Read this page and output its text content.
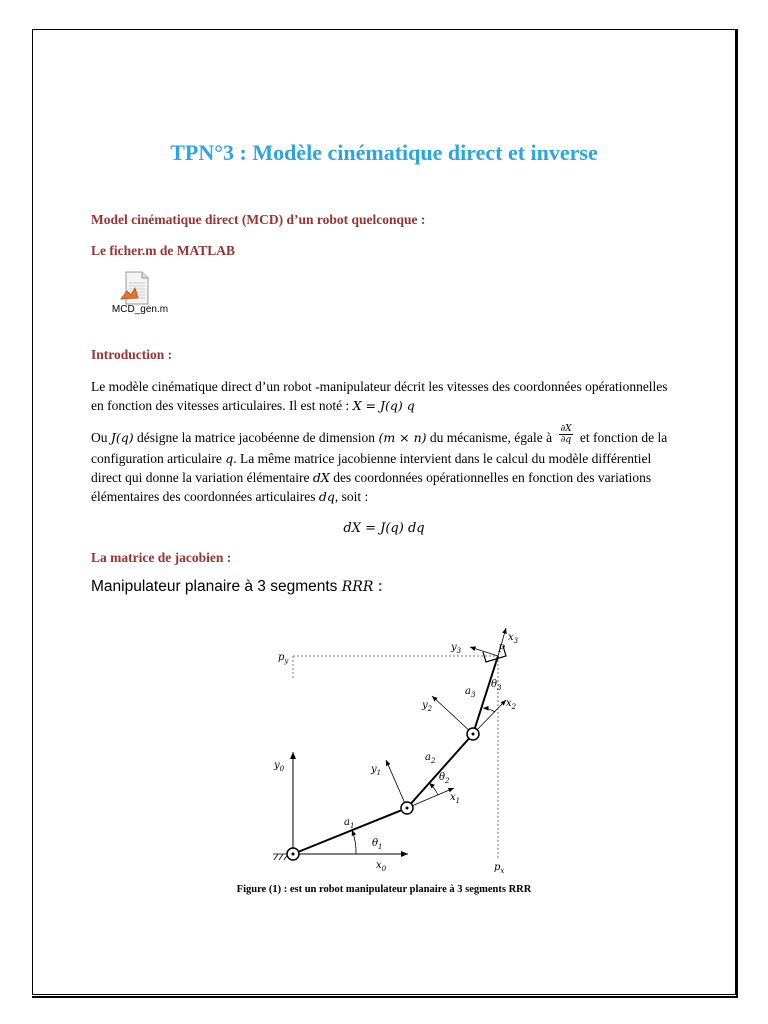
TPN°3 : Modèle cinématique direct et inverse
Model cinématique direct (MCD) d’un robot quelconque :
Le ficher.m de MATLAB
MCD_gen.m
Introduction :
Le modèle cinématique direct d’un robot -manipulateur décrit les vitesses des coordonnées opérationnelles en fonction des vitesses articulaires. Il est noté : X = J(q) q
Ou J(q) désigne la matrice jacobéenne de dimension (m × n) du mécanisme, égale à $\frac{\partial X}{\partial q}$ et fonction de la configuration articulaire q. La même matrice jacobienne intervient dans le calcul du modèle différentiel direct qui donne la variation élémentaire dX des coordonnées opérationnelles en fonction des variations élémentaires des coordonnées articulaires dq, soit :
dX = J(q) dq
La matrice de jacobien :
Manipulateur planaire à 3 segments RRR :
$p_y$
$p_x$
$y_0$
$x_0$
$y_1$
$x_1$
$y_2$	$x_2$
$y_3$
$x_3$
$a_1$
$a_2$
$a_3$
$\theta_1$
$\theta_2$
$\theta_3$
P
Figure (1) : est un robot manipulateur planaire à 3 segments RRR
